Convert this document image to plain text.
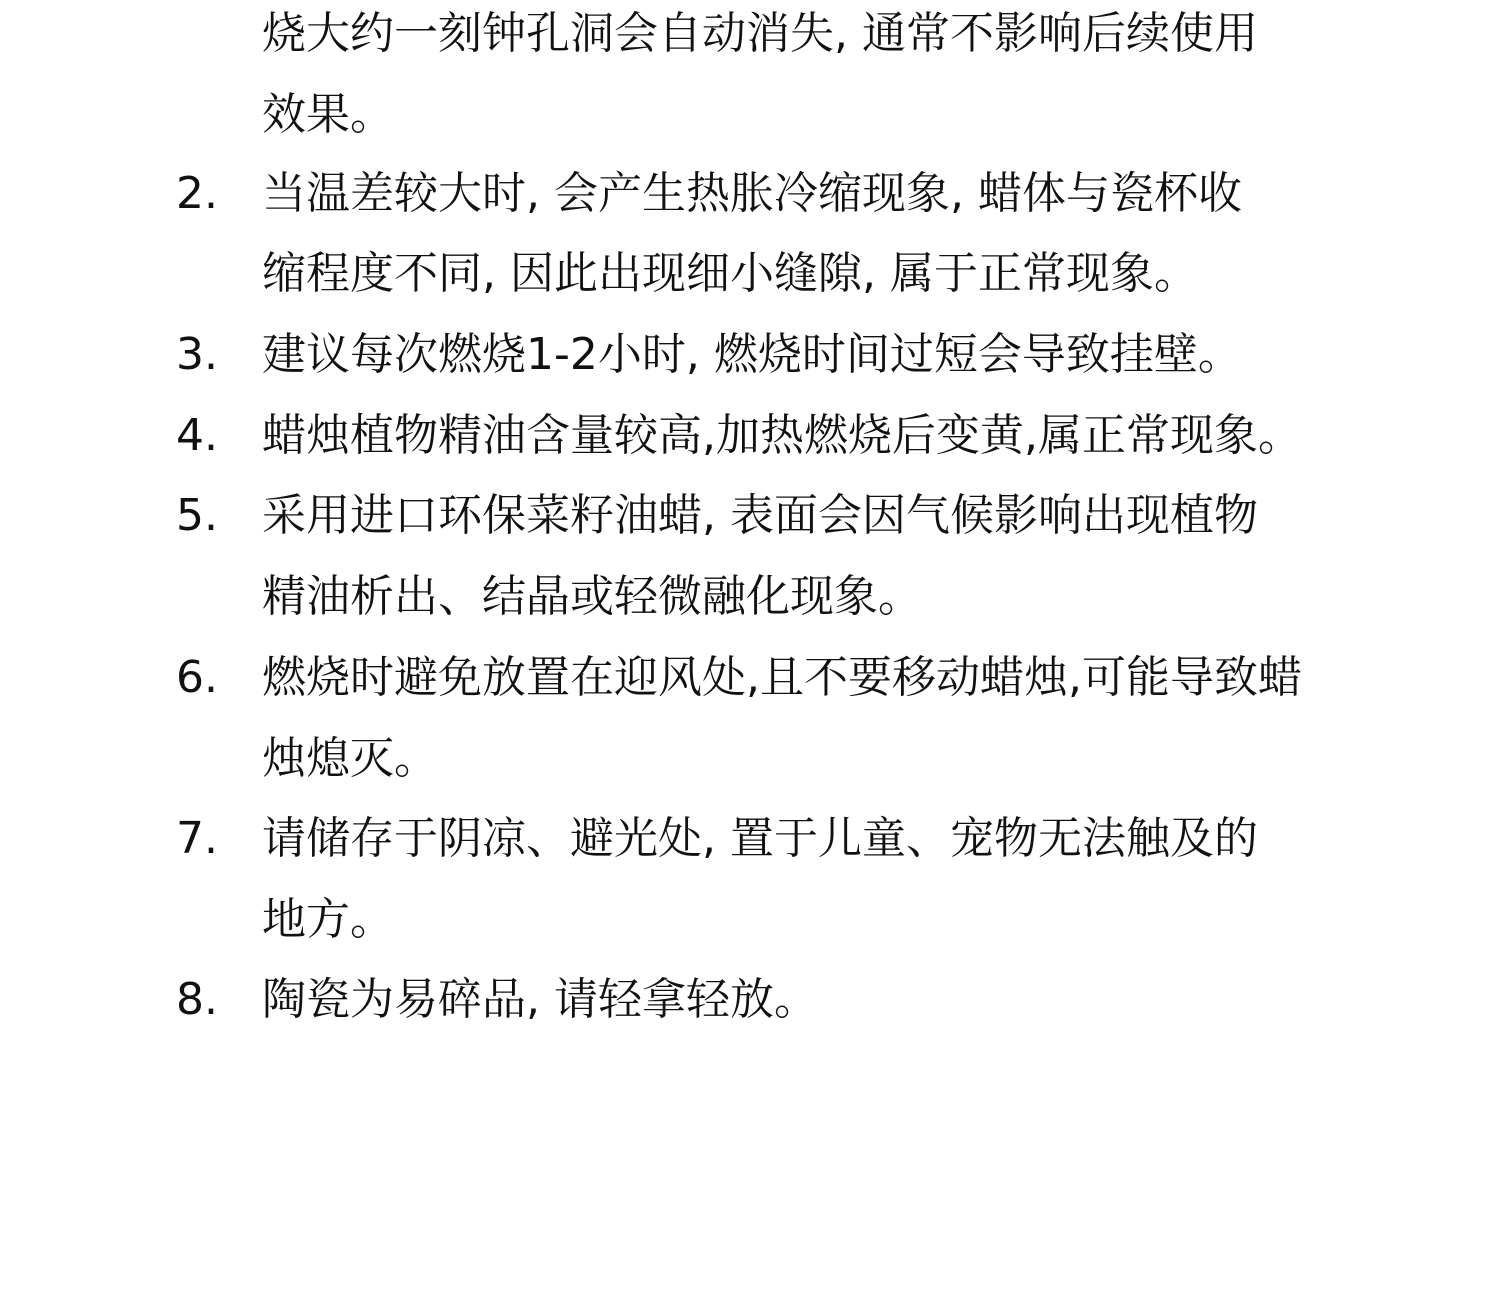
烧大约一刻钟孔洞会自动消失, 通常不影响后续使用
效果。
2.	当温差较大时, 会产生热胀冷缩现象, 蜡体与瓷杯收
缩程度不同, 因此出现细小缝隙, 属于正常现象。
3.	建议每次燃烧1-2小时, 燃烧时间过短会导致挂壁。
4.	蜡烛植物精油含量较高,加热燃烧后变黄,属正常现象。
5.	采用进口环保菜籽油蜡, 表面会因气候影响出现植物
精油析出、结晶或轻微融化现象。
6.	燃烧时避免放置在迎风处,且不要移动蜡烛,可能导致蜡
烛熄灭。
7.	请储存于阴凉、避光处, 置于儿童、宠物无法触及的
地方。
8.	陶瓷为易碎品, 请轻拿轻放。
